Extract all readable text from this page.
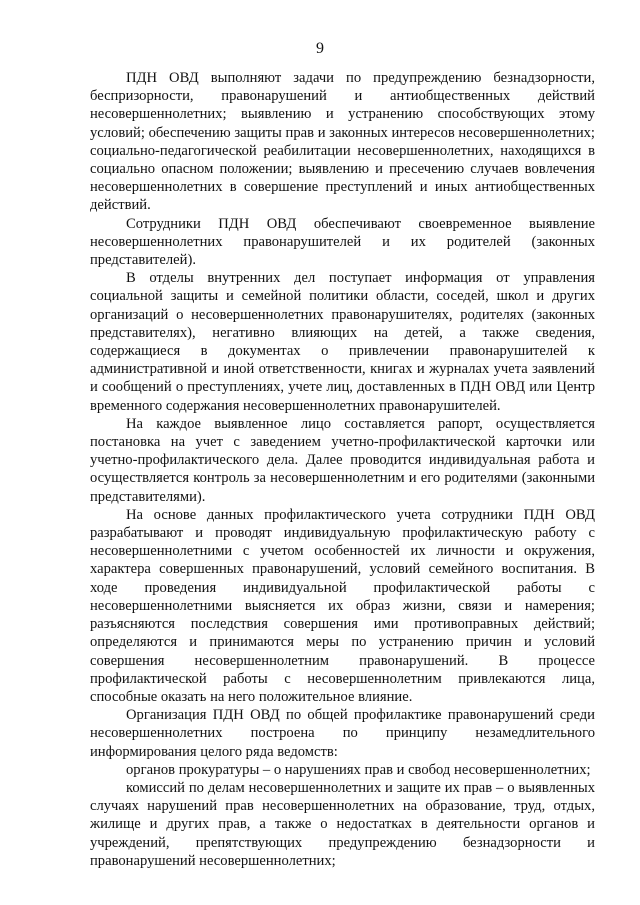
9

ПДН ОВД выполняют задачи по предупреждению безнадзорности, беспризорности, правонарушений и антиобщественных действий несовершеннолетних; выявлению и устранению способствующих этому условий; обеспечению защиты прав и законных интересов несовершеннолетних; социально-педагогической реабилитации несовершеннолетних, находящихся в социально опасном положении; выявлению и пресечению случаев вовлечения несовершеннолетних в совершение преступлений и иных антиобщественных действий.

Сотрудники ПДН ОВД обеспечивают своевременное выявление несовершеннолетних правонарушителей и их родителей (законных представителей).

В отделы внутренних дел поступает информация от управления социальной защиты и семейной политики области, соседей, школ и других организаций о несовершеннолетних правонарушителях, родителях (законных представителях), негативно влияющих на детей, а также сведения, содержащиеся в документах о привлечении правонарушителей к административной и иной ответственности, книгах и журналах учета заявлений и сообщений о преступлениях, учете лиц, доставленных в ПДН ОВД или Центр временного содержания несовершеннолетних правонарушителей.

На каждое выявленное лицо составляется рапорт, осуществляется постановка на учет с заведением учетно-профилактической карточки или учетно-профилактического дела. Далее проводится индивидуальная работа и осуществляется контроль за несовершеннолетним и его родителями (законными представителями).

На основе данных профилактического учета сотрудники ПДН ОВД разрабатывают и проводят индивидуальную профилактическую работу с несовершеннолетними с учетом особенностей их личности и окружения, характера совершенных правонарушений, условий семейного воспитания. В ходе проведения индивидуальной профилактической работы с несовершеннолетними выясняется их образ жизни, связи и намерения; разъясняются последствия совершения ими противоправных действий; определяются и принимаются меры по устранению причин и условий совершения несовершеннолетним правонарушений. В процессе профилактической работы с несовершеннолетним привлекаются лица, способные оказать на него положительное влияние.

Организация ПДН ОВД по общей профилактике правонарушений среди несовершеннолетних построена по принципу незамедлительного информирования целого ряда ведомств:

органов прокуратуры – о нарушениях прав и свобод несовершеннолетних;

комиссий по делам несовершеннолетних и защите их прав – о выявленных случаях нарушений прав несовершеннолетних на образование, труд, отдых, жилище и других прав, а также о недостатках в деятельности органов и учреждений, препятствующих предупреждению безнадзорности и правонарушений несовершеннолетних;
